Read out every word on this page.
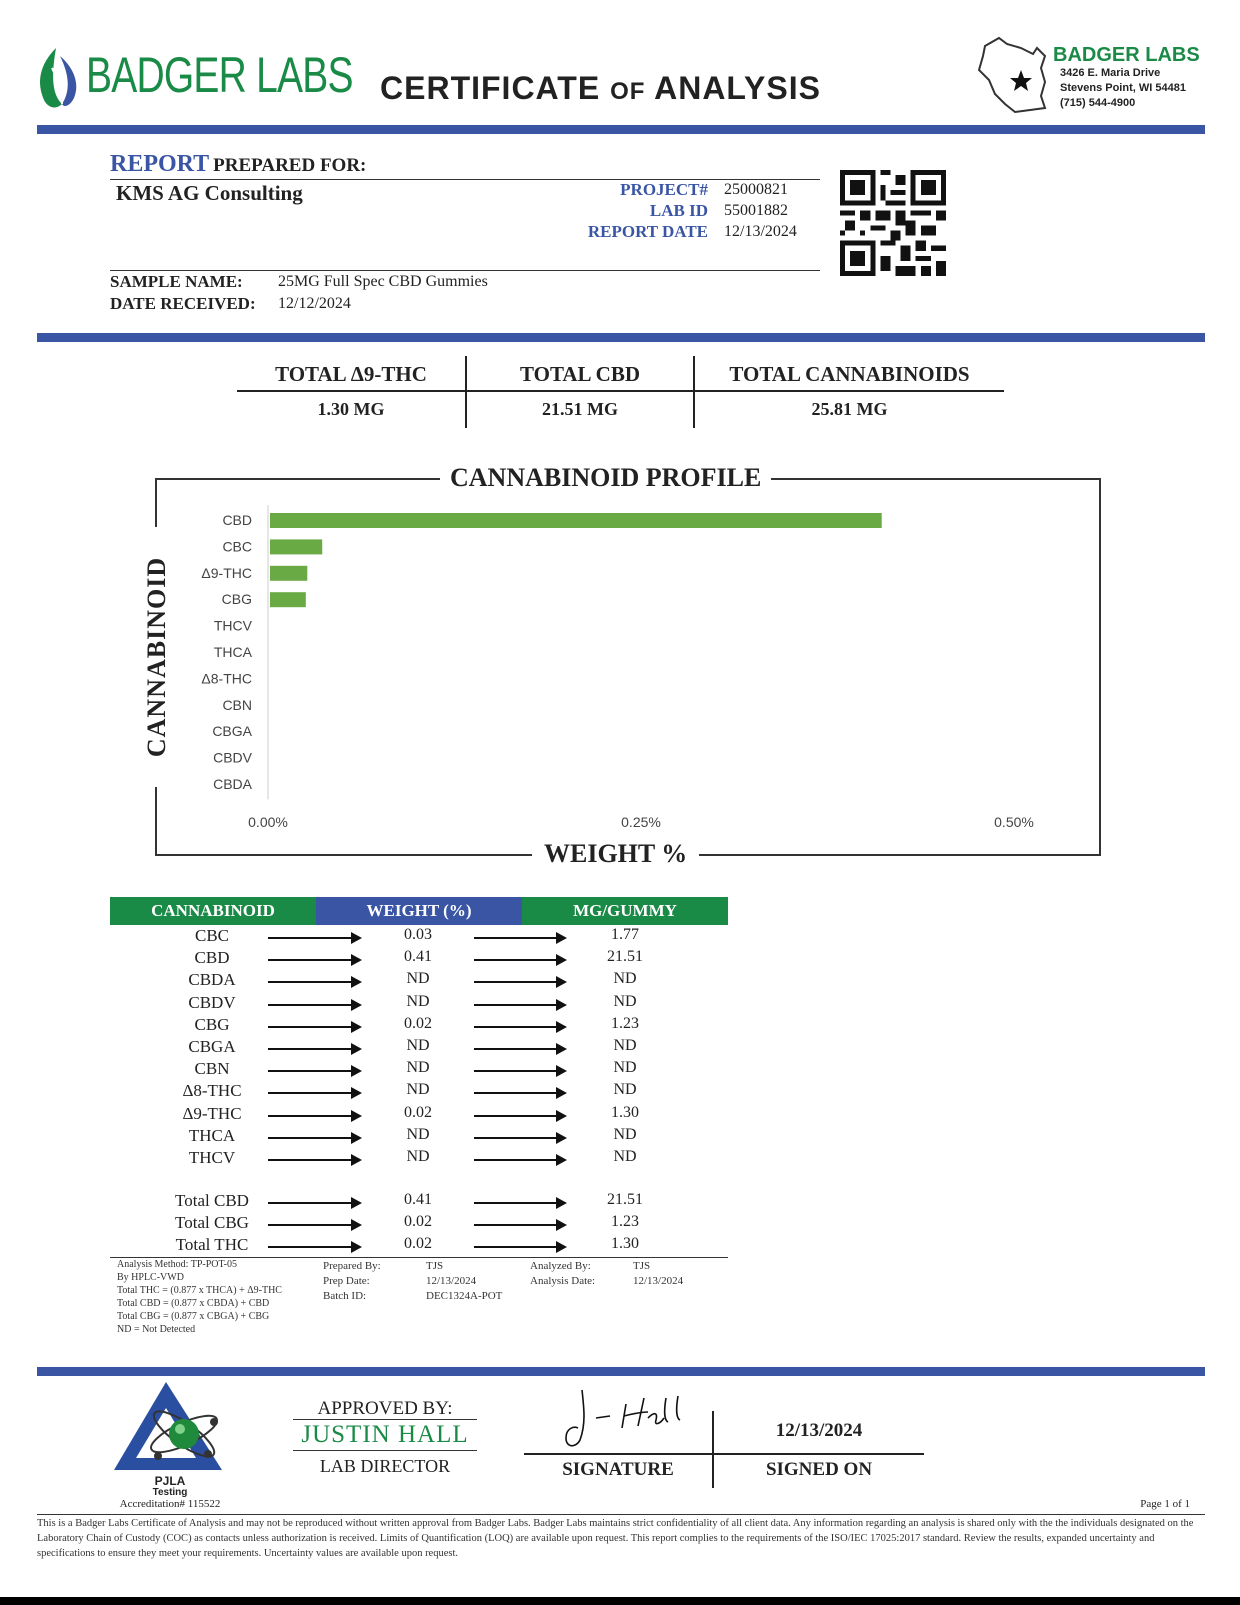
BADGER LABS CERTIFICATE OF ANALYSIS
BADGER LABS
3426 E. Maria Drive
Stevens Point, WI 54481
(715) 544-4900
REPORT PREPARED FOR:
KMS AG Consulting	PROJECT# 25000821
LAB ID 55001882
REPORT DATE 12/13/2024
SAMPLE NAME: 25MG Full Spec CBD Gummies
DATE RECEIVED: 12/12/2024
TOTAL Δ9-THC	TOTAL CBD	TOTAL CANNABINOIDS
1.30 MG	21.51 MG	25.81 MG
CANNABINOID PROFILE
WEIGHT %
CANNABINOID
CBD
CBC
Δ9-THC
CBG
THCV
THCA
Δ8-THC
CBN
CBGA
CBDV
CBDA
0.00%	0.25%	0.50%
CANNABINOID	WEIGHT (%)	MG/GUMMY
CBC	0.03	1.77
CBD	0.41	21.51
CBDA	ND	ND
CBDV	ND	ND
CBG	0.02	1.23
CBGA	ND	ND
CBN	ND	ND
Δ8-THC	ND	ND
Δ9-THC	0.02	1.30
THCA	ND	ND
THCV	ND	ND
Total CBD	0.41	21.51
Total CBG	0.02	1.23
Total THC	0.02	1.30
Analysis Method: TP-POT-05
By HPLC-VWD
Total THC = (0.877 x THCA) + Δ9-THC
Total CBD = (0.877 x CBDA) + CBD
Total CBG = (0.877 x CBGA) + CBG
ND = Not Detected
Prepared By:	TJS
Prep Date:	12/13/2024
Batch ID:	DEC1324A-POT
Analyzed By:	TJS
Analysis Date:	12/13/2024
PJLA
Testing
Accreditation# 115522
APPROVED BY:
JUSTIN HALL
LAB DIRECTOR
12/13/2024
SIGNATURE	SIGNED ON
Page 1 of 1
This is a Badger Labs Certificate of Analysis and may not be reproduced without written approval from Badger Labs. Badger Labs maintains strict confidentiality of all client data. Any information regarding an analysis is shared only with the the individuals designated on the Laboratory Chain of Custody (COC) as contacts unless authorization is received. Limits of Quantification (LOQ) are available upon request. This report complies to the requirements of the ISO/IEC 17025:2017 standard. Review the results, expanded uncertainty and specifications to ensure they meet your requirements. Uncertainty values are available upon request.
